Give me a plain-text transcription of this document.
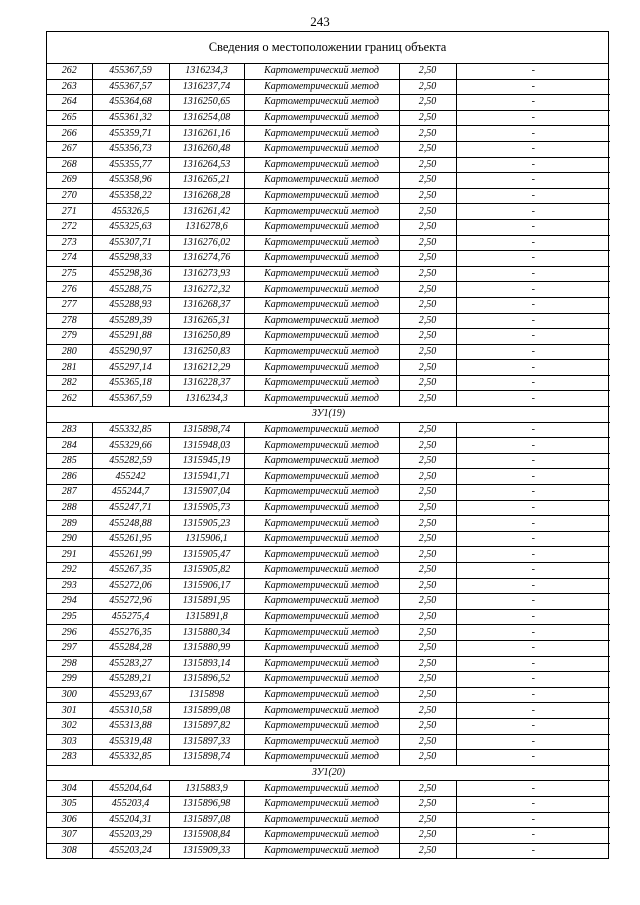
243
Сведения о местоположении границ объекта
262	455367,59	1316234,3	Картометрический метод	2,50	-
263	455367,57	1316237,74	Картометрический метод	2,50	-
264	455364,68	1316250,65	Картометрический метод	2,50	-
265	455361,32	1316254,08	Картометрический метод	2,50	-
266	455359,71	1316261,16	Картометрический метод	2,50	-
267	455356,73	1316260,48	Картометрический метод	2,50	-
268	455355,77	1316264,53	Картометрический метод	2,50	-
269	455358,96	1316265,21	Картометрический метод	2,50	-
270	455358,22	1316268,28	Картометрический метод	2,50	-
271	455326,5	1316261,42	Картометрический метод	2,50	-
272	455325,63	1316278,6	Картометрический метод	2,50	-
273	455307,71	1316276,02	Картометрический метод	2,50	-
274	455298,33	1316274,76	Картометрический метод	2,50	-
275	455298,36	1316273,93	Картометрический метод	2,50	-
276	455288,75	1316272,32	Картометрический метод	2,50	-
277	455288,93	1316268,37	Картометрический метод	2,50	-
278	455289,39	1316265,31	Картометрический метод	2,50	-
279	455291,88	1316250,89	Картометрический метод	2,50	-
280	455290,97	1316250,83	Картометрический метод	2,50	-
281	455297,14	1316212,29	Картометрический метод	2,50	-
282	455365,18	1316228,37	Картометрический метод	2,50	-
262	455367,59	1316234,3	Картометрический метод	2,50	-
ЗУ1(19)					
283	455332,85	1315898,74	Картометрический метод	2,50	-
284	455329,66	1315948,03	Картометрический метод	2,50	-
285	455282,59	1315945,19	Картометрический метод	2,50	-
286	455242	1315941,71	Картометрический метод	2,50	-
287	455244,7	1315907,04	Картометрический метод	2,50	-
288	455247,71	1315905,73	Картометрический метод	2,50	-
289	455248,88	1315905,23	Картометрический метод	2,50	-
290	455261,95	1315906,1	Картометрический метод	2,50	-
291	455261,99	1315905,47	Картометрический метод	2,50	-
292	455267,35	1315905,82	Картометрический метод	2,50	-
293	455272,06	1315906,17	Картометрический метод	2,50	-
294	455272,96	1315891,95	Картометрический метод	2,50	-
295	455275,4	1315891,8	Картометрический метод	2,50	-
296	455276,35	1315880,34	Картометрический метод	2,50	-
297	455284,28	1315880,99	Картометрический метод	2,50	-
298	455283,27	1315893,14	Картометрический метод	2,50	-
299	455289,21	1315896,52	Картометрический метод	2,50	-
300	455293,67	1315898	Картометрический метод	2,50	-
301	455310,58	1315899,08	Картометрический метод	2,50	-
302	455313,88	1315897,82	Картометрический метод	2,50	-
303	455319,48	1315897,33	Картометрический метод	2,50	-
283	455332,85	1315898,74	Картометрический метод	2,50	-
ЗУ1(20)					
304	455204,64	1315883,9	Картометрический метод	2,50	-
305	455203,4	1315896,98	Картометрический метод	2,50	-
306	455204,31	1315897,08	Картометрический метод	2,50	-
307	455203,29	1315908,84	Картометрический метод	2,50	-
308	455203,24	1315909,33	Картометрический метод	2,50	-
